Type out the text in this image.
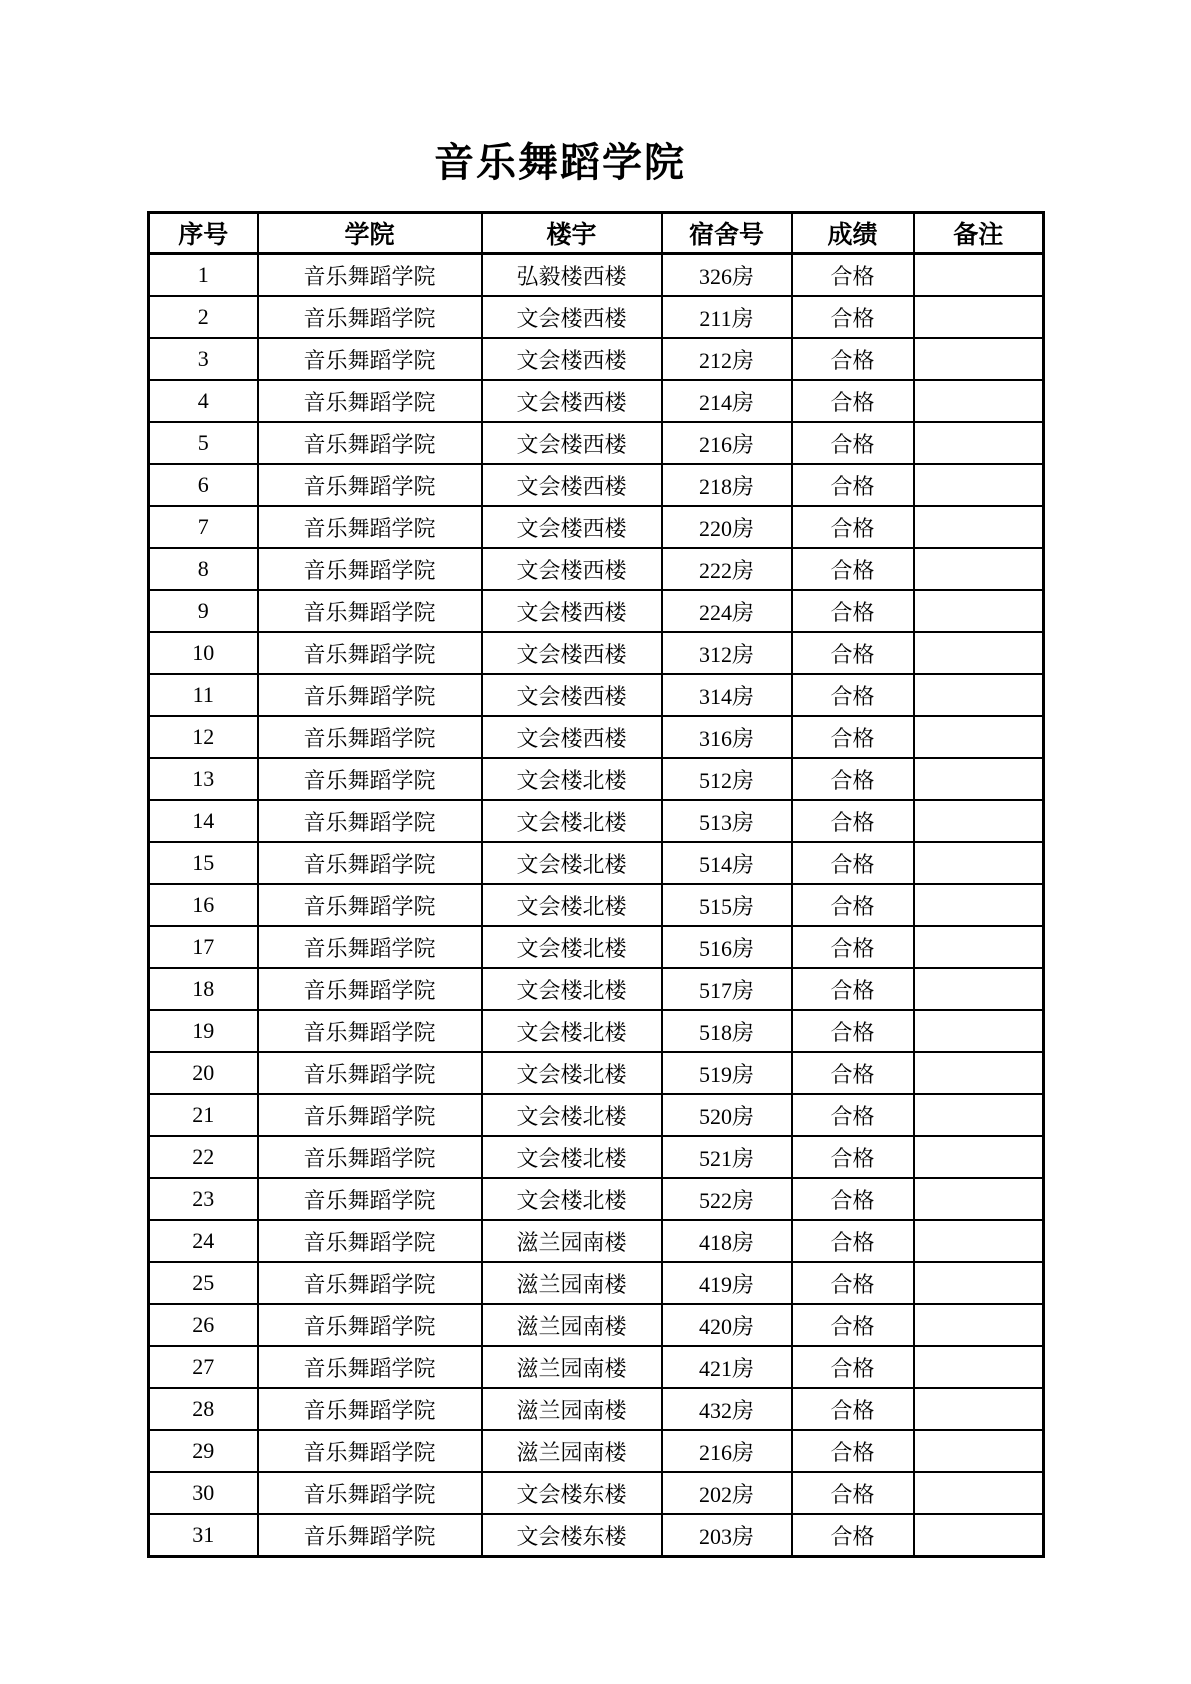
音乐舞蹈学院
序号	学院	楼宇	宿舍号	成绩	备注
1	音乐舞蹈学院	弘毅楼西楼	326房	合格	
2	音乐舞蹈学院	文会楼西楼	211房	合格	
3	音乐舞蹈学院	文会楼西楼	212房	合格	
4	音乐舞蹈学院	文会楼西楼	214房	合格	
5	音乐舞蹈学院	文会楼西楼	216房	合格	
6	音乐舞蹈学院	文会楼西楼	218房	合格	
7	音乐舞蹈学院	文会楼西楼	220房	合格	
8	音乐舞蹈学院	文会楼西楼	222房	合格	
9	音乐舞蹈学院	文会楼西楼	224房	合格	
10	音乐舞蹈学院	文会楼西楼	312房	合格	
11	音乐舞蹈学院	文会楼西楼	314房	合格	
12	音乐舞蹈学院	文会楼西楼	316房	合格	
13	音乐舞蹈学院	文会楼北楼	512房	合格	
14	音乐舞蹈学院	文会楼北楼	513房	合格	
15	音乐舞蹈学院	文会楼北楼	514房	合格	
16	音乐舞蹈学院	文会楼北楼	515房	合格	
17	音乐舞蹈学院	文会楼北楼	516房	合格	
18	音乐舞蹈学院	文会楼北楼	517房	合格	
19	音乐舞蹈学院	文会楼北楼	518房	合格	
20	音乐舞蹈学院	文会楼北楼	519房	合格	
21	音乐舞蹈学院	文会楼北楼	520房	合格	
22	音乐舞蹈学院	文会楼北楼	521房	合格	
23	音乐舞蹈学院	文会楼北楼	522房	合格	
24	音乐舞蹈学院	滋兰园南楼	418房	合格	
25	音乐舞蹈学院	滋兰园南楼	419房	合格	
26	音乐舞蹈学院	滋兰园南楼	420房	合格	
27	音乐舞蹈学院	滋兰园南楼	421房	合格	
28	音乐舞蹈学院	滋兰园南楼	432房	合格	
29	音乐舞蹈学院	滋兰园南楼	216房	合格	
30	音乐舞蹈学院	文会楼东楼	202房	合格	
31	音乐舞蹈学院	文会楼东楼	203房	合格	
